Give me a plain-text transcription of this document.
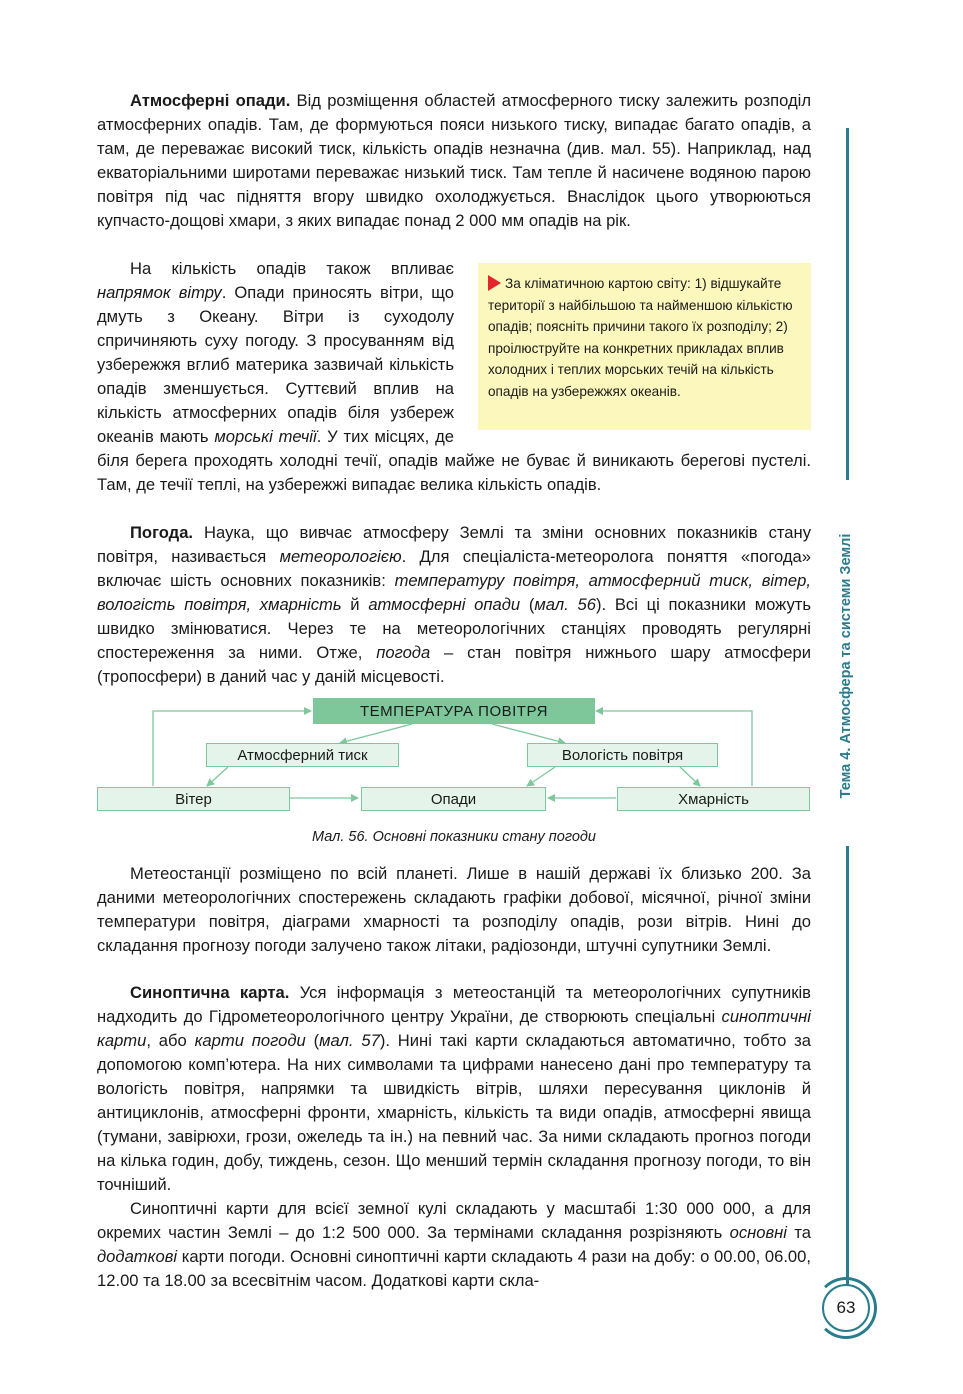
Атмосферні опади. Від розміщення областей атмосферного тиску залежить розподіл атмосферних опадів. Там, де формуються пояси низького тиску, випадає багато опадів, а там, де переважає високий тиск, кількість опадів незначна (див. мал. 55). Наприклад, над екваторіальними широтами переважає низький тиск. Там тепле й насичене водяною парою повітря під час підняття вгору швидко охолоджується. Внаслідок цього утворюються купчасто-дощові хмари, з яких випадає понад 2 000 мм опадів на рік.

На кількість опадів також впливає напрямок вітру. Опади приносять вітри, що дмуть з Океану. Вітри із суходолу спричиняють суху погоду. З просуванням від узбережжя вглиб материка зазвичай кількість опадів зменшується. Суттєвий вплив на кількість атмосферних опадів біля узбереж океанів мають морські течії. У тих місцях, де біля берега проходять холодні течії, опадів майже не буває й виникають берегові пустелі. Там, де течії теплі, на узбережжі випадає велика кількість опадів.
За кліматичною картою світу: 1) відшукайте території з найбільшою та найменшою кількістю опадів; поясніть причини такого їх розподілу; 2) проілюструйте на конкретних прикладах вплив холодних і теплих морських течій на кількість опадів на узбережжях океанів.

Погода. Наука, що вивчає атмосферу Землі та зміни основних показників стану повітря, називається метеорологією. Для спеціаліста-метеоролога поняття «погода» включає шість основних показників: температуру повітря, атмосферний тиск, вітер, вологість повітря, хмарність й атмосферні опади (мал. 56). Всі ці показники можуть швидко змінюватися. Через те на метеорологічних станціях проводять регулярні спостереження за ними. Отже, погода – стан повітря нижнього шару атмосфери (тропосфери) в даний час у даній місцевості.

ТЕМПЕРАТУРА ПОВІТРЯ
Атмосферний тиск	Вологість повітря
Вітер	Опади	Хмарність
Мал. 56. Основні показники стану погоди

Метеостанції розміщено по всій планеті. Лише в нашій державі їх близько 200. За даними метеорологічних спостережень складають графіки добової, місячної, річної зміни температури повітря, діаграми хмарності та розподілу опадів, рози вітрів. Нині до складання прогнозу погоди залучено також літаки, радіозонди, штучні супутники Землі.

Синоптична карта. Уся інформація з метеостанцій та метеорологічних супутників надходить до Гідрометеорологічного центру України, де створюють спеціальні синоптичні карти, або карти погоди (мал. 57). Нині такі карти складаються автоматично, тобто за допомогою комп’ютера. На них символами та цифрами нанесено дані про температуру та вологість повітря, напрямки та швидкість вітрів, шляхи пересування циклонів й антициклонів, атмосферні фронти, хмарність, кількість та види опадів, атмосферні явища (тумани, завірюхи, грози, ожеледь та ін.) на певний час. За ними складають прогноз погоди на кілька годин, добу, тиждень, сезон. Що менший термін складання прогнозу погоди, то він точніший.

Синоптичні карти для всієї земної кулі складають у масштабі 1:30 000 000, а для окремих частин Землі – до 1:2 500 000. За термінами складання розрізняють основні та додаткові карти погоди. Основні синоптичні карти складають 4 рази на добу: о 00.00, 06.00, 12.00 та 18.00 за всесвітнім часом. Додаткові карти скла-

Тема 4. Атмосфера та системи Землі
63
